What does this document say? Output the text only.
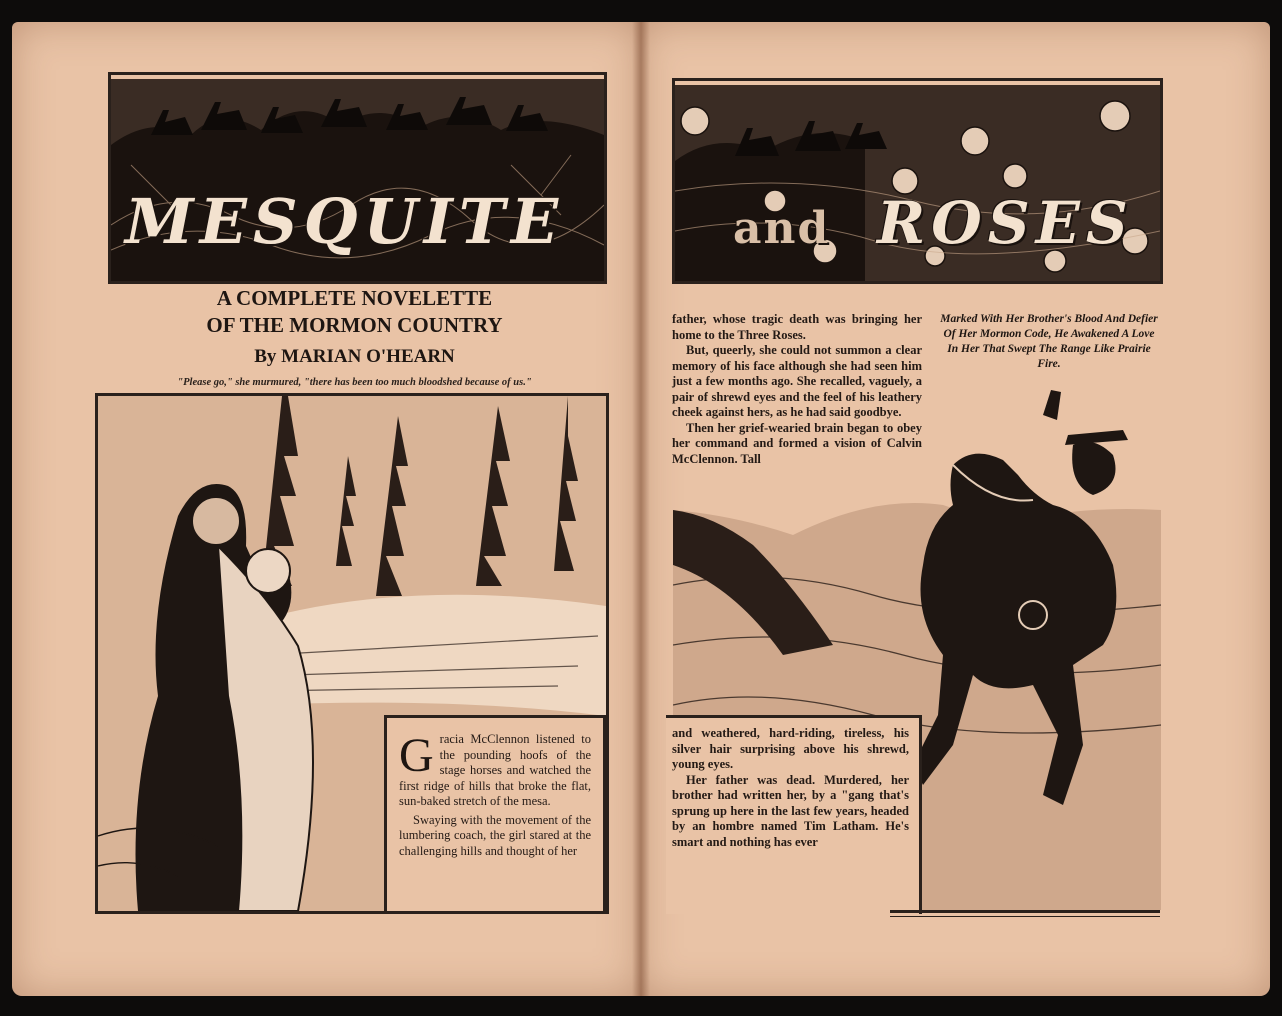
MESQUITE
A COMPLETE NOVELETTE
OF THE MORMON COUNTRY
By MARIAN O'HEARN
"Please go," she murmured, "there has been too much bloodshed because of us."

Gracia McClennon listened to the pounding hoofs of the stage horses and watched the first ridge of hills that broke the flat, sun-baked stretch of the mesa.

Swaying with the movement of the lumbering coach, the girl stared at the challenging hills and thought of her

and ROSES

father, whose tragic death was bringing her home to the Three Roses.

But, queerly, she could not summon a clear memory of his face although she had seen him just a few months ago. She recalled, vaguely, a pair of shrewd eyes and the feel of his leathery cheek against hers, as he had said goodbye.

Then her grief-wearied brain began to obey her command and formed a vision of Calvin McClennon. Tall

Marked With Her Brother's Blood And Defier Of Her Mormon Code, He Awakened A Love In Her That Swept The Range Like Prairie Fire.

and weathered, hard-riding, tireless, his silver hair surprising above his shrewd, young eyes.

Her father was dead. Murdered, her brother had written her, by a "gang that's sprung up here in the last few years, headed by an hombre named Tim Latham. He's smart and nothing has ever
